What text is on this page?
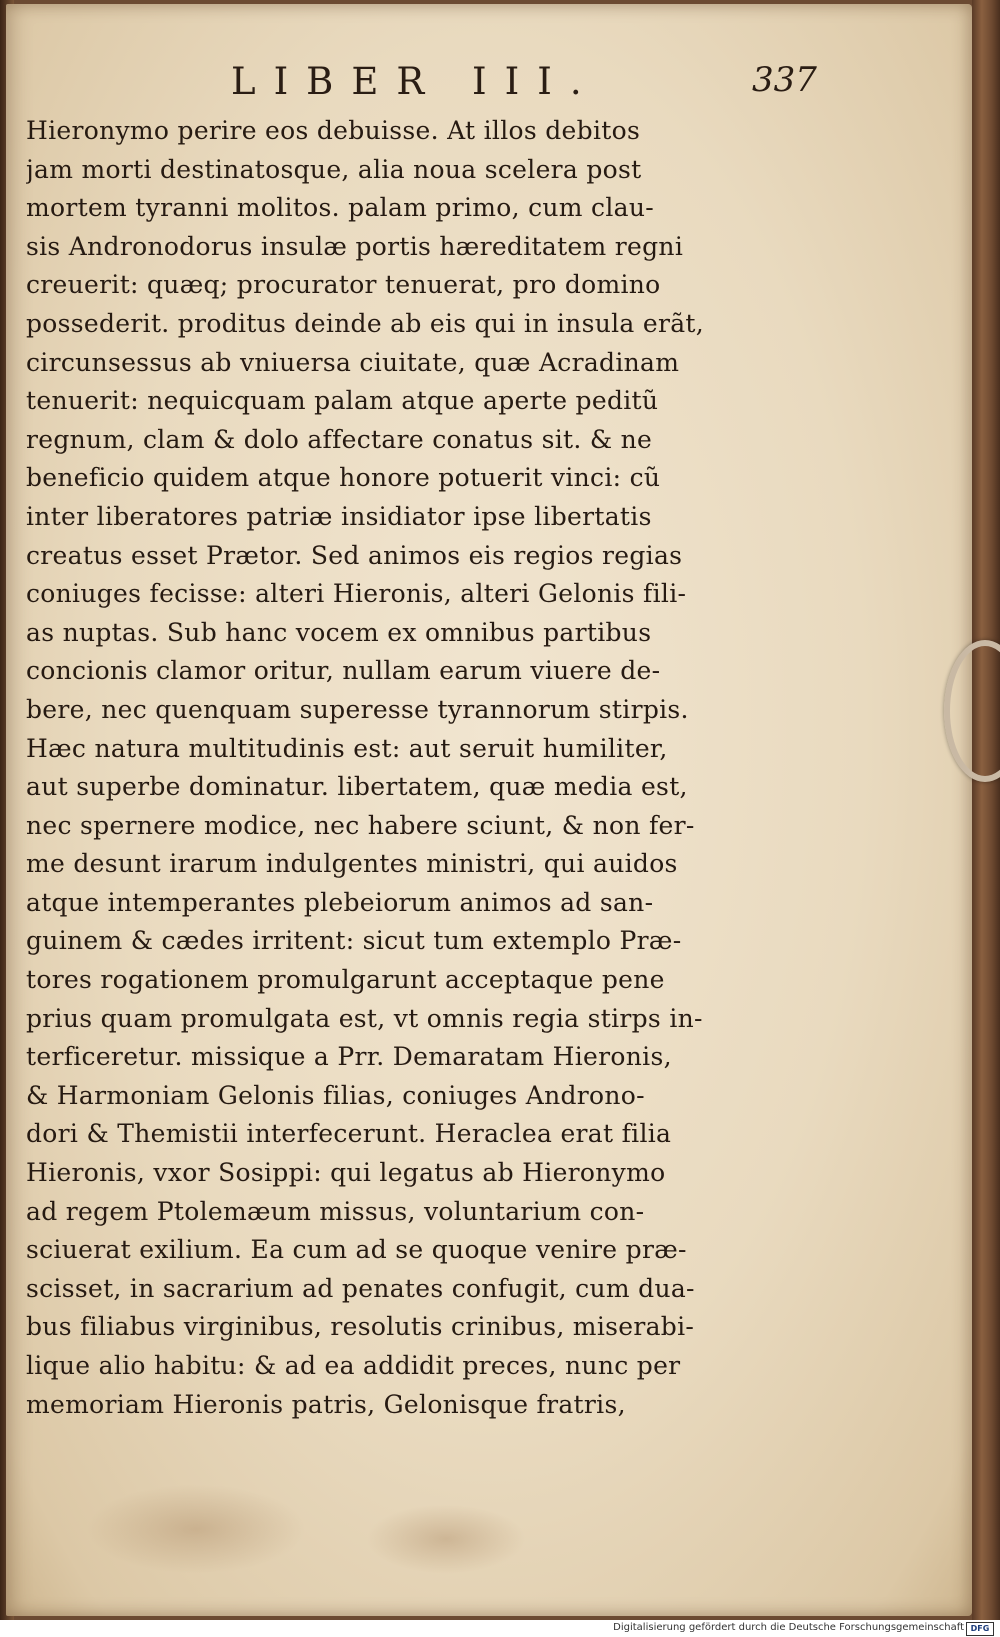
LIBER III.	337
Hieronymo perire eos debuisse. At illos debitos
jam morti destinatosque, alia noua scelera post
mortem tyranni molitos. palam primo, cum clau-
sis Andronodorus insulæ portis hæreditatem regni
creuerit: quæq; procurator tenuerat, pro domino
possederit. proditus deinde ab eis qui in insula erãt,
circunsessus ab vniuersa ciuitate, quæ Acradinam
tenuerit: nequicquam palam atque aperte peditũ
regnum, clam & dolo affectare conatus sit. & ne
beneficio quidem atque honore potuerit vinci: cũ
inter liberatores patriæ insidiator ipse libertatis
creatus esset Prætor. Sed animos eis regios regias
coniuges fecisse: alteri Hieronis, alteri Gelonis fili-
as nuptas. Sub hanc vocem ex omnibus partibus
concionis clamor oritur, nullam earum viuere de-
bere, nec quenquam superesse tyrannorum stirpis.
Hæc natura multitudinis est: aut seruit humiliter,
aut superbe dominatur. libertatem, quæ media est,
nec spernere modice, nec habere sciunt, & non fer-
me desunt irarum indulgentes ministri, qui auidos
atque intemperantes plebeiorum animos ad san-
guinem & cædes irritent: sicut tum extemplo Præ-
tores rogationem promulgarunt acceptaque pene
prius quam promulgata est, vt omnis regia stirps in-
terficeretur. missique a Prr. Demaratam Hieronis,
& Harmoniam Gelonis filias, coniuges Androno-
dori & Themistii interfecerunt. Heraclea erat filia
Hieronis, vxor Sosippi: qui legatus ab Hieronymo
ad regem Ptolemæum missus, voluntarium con-
sciuerat exilium. Ea cum ad se quoque venire præ-
scisset, in sacrarium ad penates confugit, cum dua-
bus filiabus virginibus, resolutis crinibus, miserabi-
lique alio habitu: & ad ea addidit preces, nunc per
memoriam Hieronis patris, Gelonisque fratris,
Digitalisierung gefördert durch die Deutsche Forschungsgemeinschaft DFG
